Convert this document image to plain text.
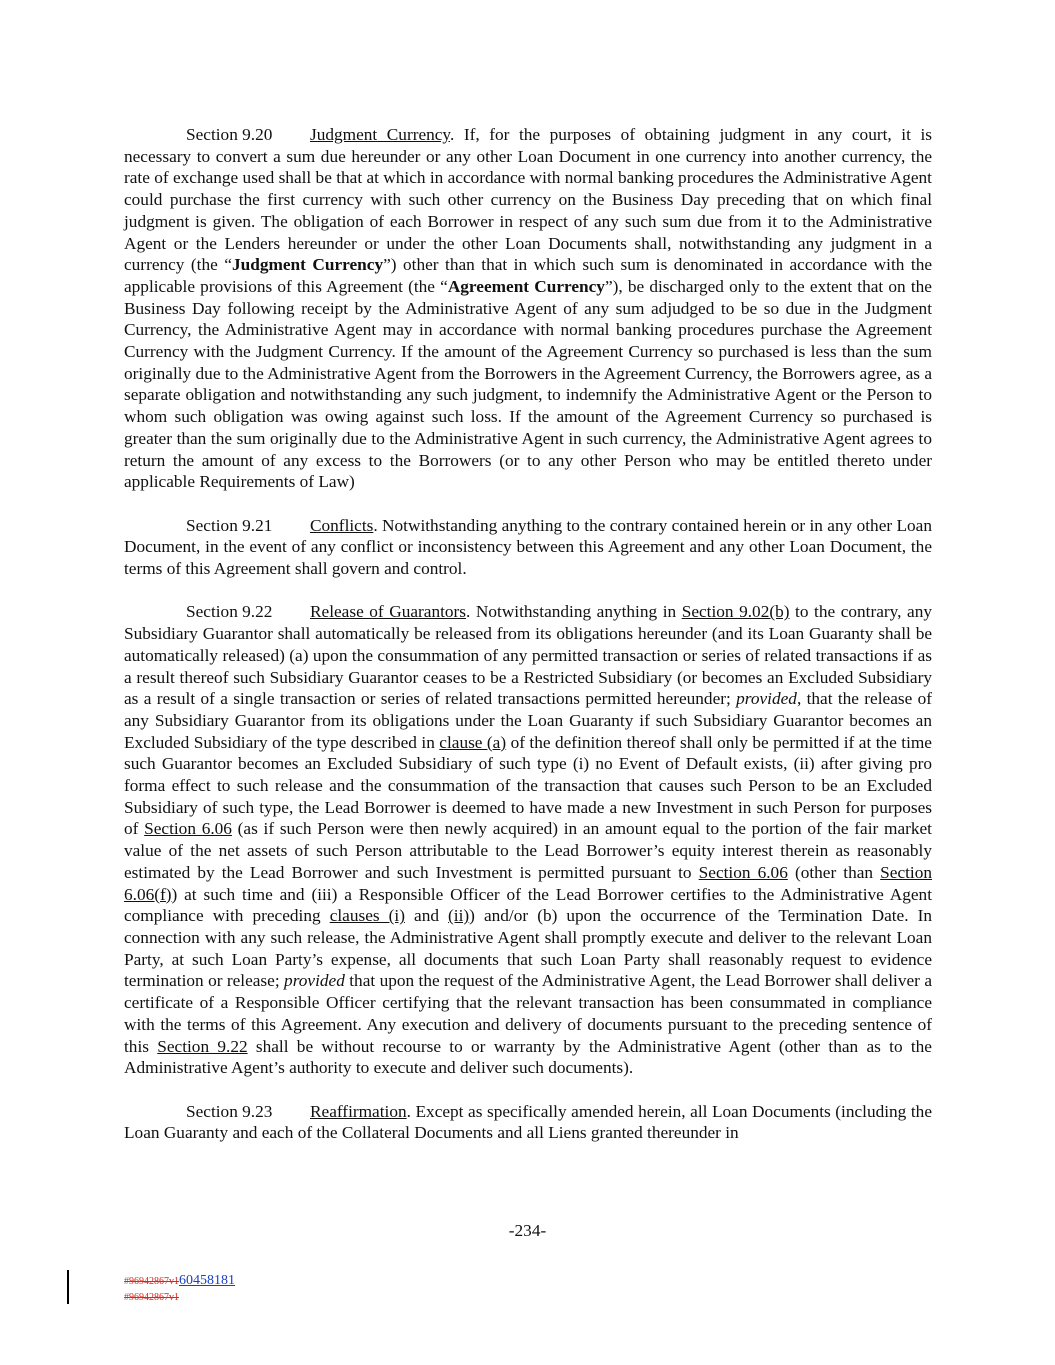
Section 9.20 Judgment Currency. If, for the purposes of obtaining judgment in any court, it is necessary to convert a sum due hereunder or any other Loan Document in one currency into another currency, the rate of exchange used shall be that at which in accordance with normal banking procedures the Administrative Agent could purchase the first currency with such other currency on the Business Day preceding that on which final judgment is given. The obligation of each Borrower in respect of any such sum due from it to the Administrative Agent or the Lenders hereunder or under the other Loan Documents shall, notwithstanding any judgment in a currency (the “Judgment Currency”) other than that in which such sum is denominated in accordance with the applicable provisions of this Agreement (the “Agreement Currency”), be discharged only to the extent that on the Business Day following receipt by the Administrative Agent of any sum adjudged to be so due in the Judgment Currency, the Administrative Agent may in accordance with normal banking procedures purchase the Agreement Currency with the Judgment Currency. If the amount of the Agreement Currency so purchased is less than the sum originally due to the Administrative Agent from the Borrowers in the Agreement Currency, the Borrowers agree, as a separate obligation and notwithstanding any such judgment, to indemnify the Administrative Agent or the Person to whom such obligation was owing against such loss. If the amount of the Agreement Currency so purchased is greater than the sum originally due to the Administrative Agent in such currency, the Administrative Agent agrees to return the amount of any excess to the Borrowers (or to any other Person who may be entitled thereto under applicable Requirements of Law)

Section 9.21 Conflicts. Notwithstanding anything to the contrary contained herein or in any other Loan Document, in the event of any conflict or inconsistency between this Agreement and any other Loan Document, the terms of this Agreement shall govern and control.

Section 9.22 Release of Guarantors. Notwithstanding anything in Section 9.02(b) to the contrary, any Subsidiary Guarantor shall automatically be released from its obligations hereunder (and its Loan Guaranty shall be automatically released) (a) upon the consummation of any permitted transaction or series of related transactions if as a result thereof such Subsidiary Guarantor ceases to be a Restricted Subsidiary (or becomes an Excluded Subsidiary as a result of a single transaction or series of related transactions permitted hereunder; provided, that the release of any Subsidiary Guarantor from its obligations under the Loan Guaranty if such Subsidiary Guarantor becomes an Excluded Subsidiary of the type described in clause (a) of the definition thereof shall only be permitted if at the time such Guarantor becomes an Excluded Subsidiary of such type (i) no Event of Default exists, (ii) after giving pro forma effect to such release and the consummation of the transaction that causes such Person to be an Excluded Subsidiary of such type, the Lead Borrower is deemed to have made a new Investment in such Person for purposes of Section 6.06 (as if such Person were then newly acquired) in an amount equal to the portion of the fair market value of the net assets of such Person attributable to the Lead Borrower’s equity interest therein as reasonably estimated by the Lead Borrower and such Investment is permitted pursuant to Section 6.06 (other than Section 6.06(f)) at such time and (iii) a Responsible Officer of the Lead Borrower certifies to the Administrative Agent compliance with preceding clauses (i) and (ii)) and/or (b) upon the occurrence of the Termination Date. In connection with any such release, the Administrative Agent shall promptly execute and deliver to the relevant Loan Party, at such Loan Party’s expense, all documents that such Loan Party shall reasonably request to evidence termination or release; provided that upon the request of the Administrative Agent, the Lead Borrower shall deliver a certificate of a Responsible Officer certifying that the relevant transaction has been consummated in compliance with the terms of this Agreement. Any execution and delivery of documents pursuant to the preceding sentence of this Section 9.22 shall be without recourse to or warranty by the Administrative Agent (other than as to the Administrative Agent’s authority to execute and deliver such documents).

Section 9.23 Reaffirmation. Except as specifically amended herein, all Loan Documents (including the Loan Guaranty and each of the Collateral Documents and all Liens granted thereunder in

-234-
#96942867v160458181
#96942867v1
